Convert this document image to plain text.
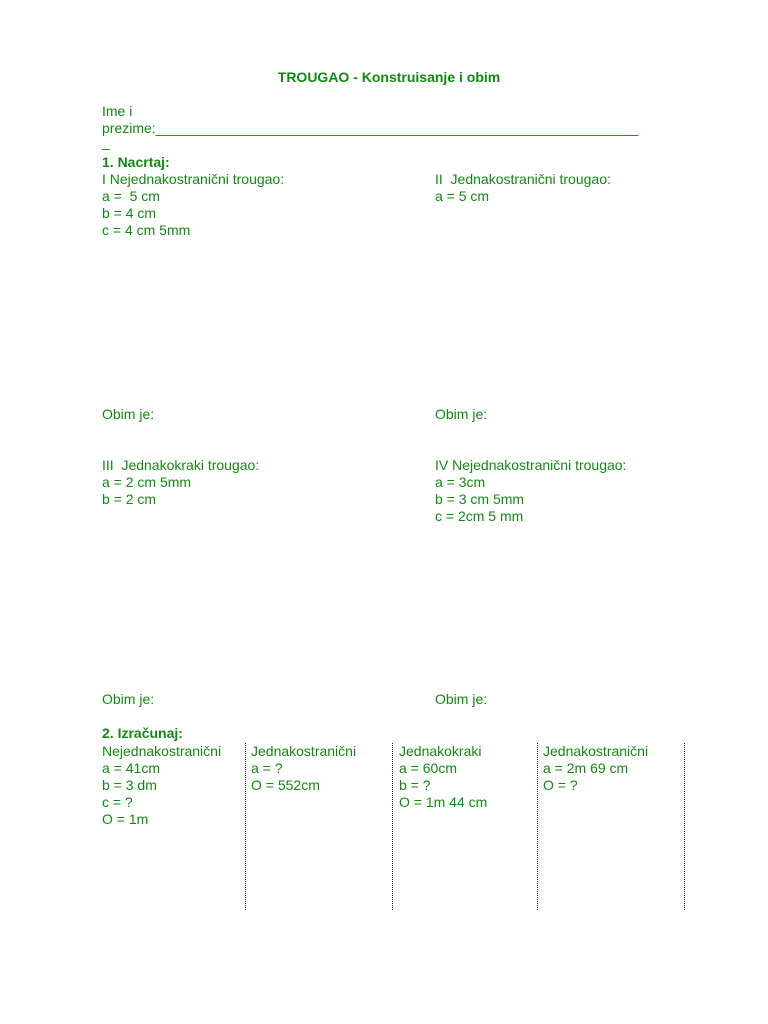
TROUGAO - Konstruisanje i obim
Ime i
prezime:______________________________________________________________
_
1. Nacrtaj:
I Nejednakostranični trougao:
a =  5 cm
b = 4 cm
c = 4 cm 5mm
Obim je:
II  Jednakostranični trougao:
a = 5 cm
Obim je:
III  Jednakokraki trougao:
a = 2 cm 5mm
b = 2 cm
Obim je:
IV Nejednakostranični trougao:
a = 3cm
b = 3 cm 5mm
c = 2cm 5 mm
Obim je:
2. Izračunaj:
Nejednakostranični
a = 41cm
b = 3 dm
c = ?
O = 1m
Jednakostranični
a = ?
O = 552cm
Jednakokraki
a = 60cm
b = ?
O = 1m 44 cm
Jednakostranični
a = 2m 69 cm
O = ?
